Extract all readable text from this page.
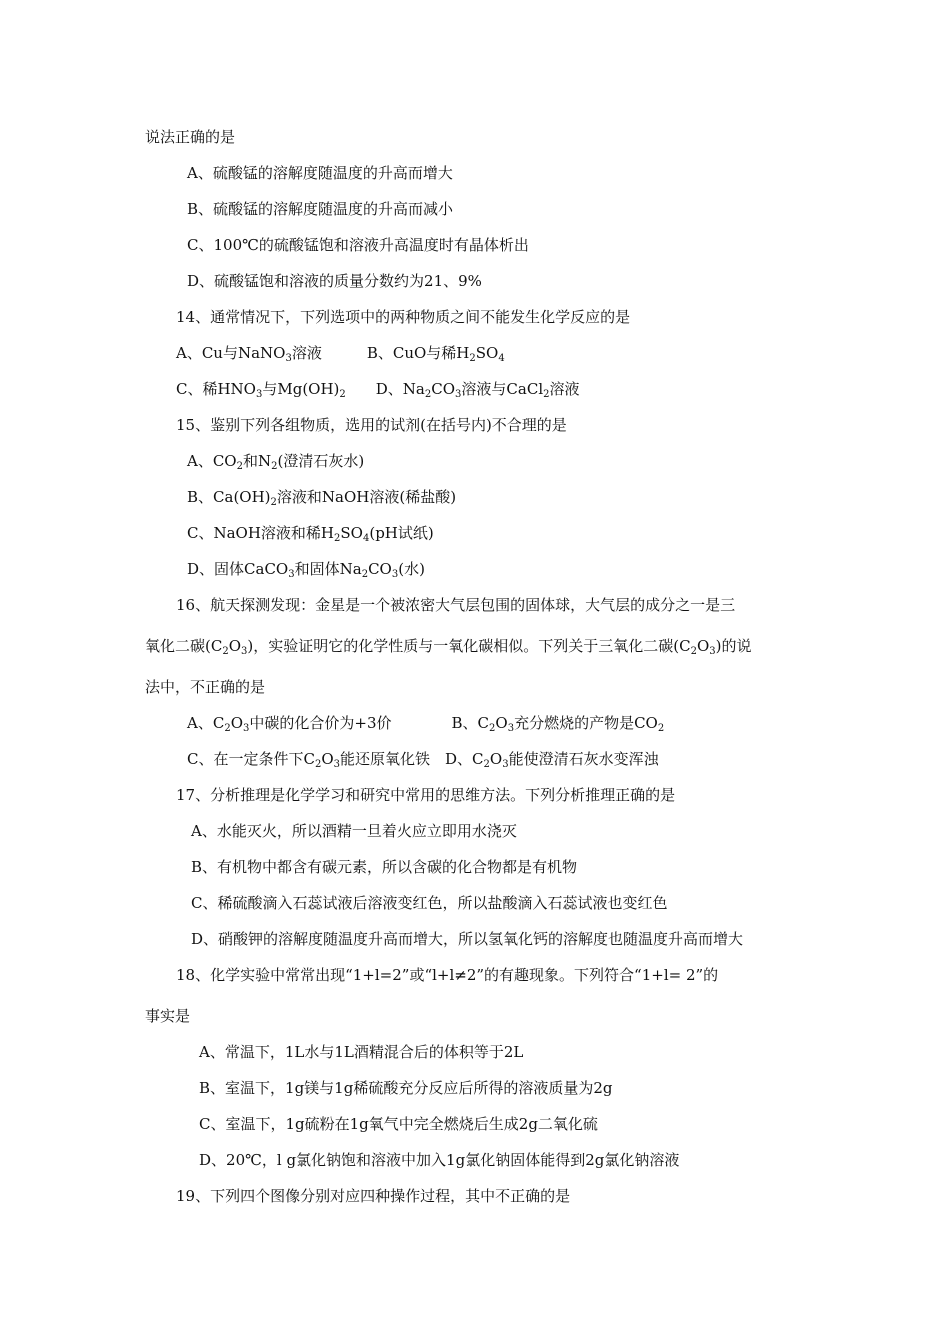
说法正确的是
A、硫酸锰的溶解度随温度的升高而增大
B、硫酸锰的溶解度随温度的升高而减小
C、100℃的硫酸锰饱和溶液升高温度时有晶体析出
D、硫酸锰饱和溶液的质量分数约为21、9%
14、通常情况下，下列选项中的两种物质之间不能发生化学反应的是
A、Cu与NaNO$_3$溶液　　　B、CuO与稀$H_2SO_4$
C、稀$HNO_3$与$Mg(OH)_2$　　D、$Na_2CO_3$溶液与CaCl$_2$溶液
15、鉴别下列各组物质，选用的试剂(在括号内)不合理的是
A、$CO_2$和$N_2$(澄清石灰水)
B、$Ca(OH)_2$溶液和NaOH溶液(稀盐酸)
C、NaOH溶液和稀$H_2SO_4(pH$试纸)
D、固体CaCO$_3$和固体$Na_2CO_3$(水)
16、航天探测发现：金星是一个被浓密大气层包围的固体球，大气层的成分之一是三
氧化二碳$(C_2O_3)$，实验证明它的化学性质与一氧化碳相似。下列关于三氧化二碳$(C_2O_3)$的说
法中，不正确的是
A、$C_2O_3$中碳的化合价为+3价　　　　B、$C_2O_3$充分燃烧的产物是$CO_2$
C、在一定条件下$C_2O_3$能还原氧化铁　D、$C_2O_3$能使澄清石灰水变浑浊
17、分析推理是化学学习和研究中常用的思维方法。下列分析推理正确的是
A、水能灭火，所以酒精一旦着火应立即用水浇灭
B、有机物中都含有碳元素，所以含碳的化合物都是有机物
C、稀硫酸滴入石蕊试液后溶液变红色，所以盐酸滴入石蕊试液也变红色
D、硝酸钾的溶解度随温度升高而增大，所以氢氧化钙的溶解度也随温度升高而增大
18、化学实验中常常出现“1+l=2”或“l+l≠2”的有趣现象。下列符合“1+l= 2”的
事实是
A、常温下，1L水与1L酒精混合后的体积等于2L
B、室温下，1g镁与1g稀硫酸充分反应后所得的溶液质量为2g
C、室温下，1g硫粉在1g氧气中完全燃烧后生成2g二氧化硫
D、20℃，l g氯化钠饱和溶液中加入1g氯化钠固体能得到2g氯化钠溶液
19、下列四个图像分别对应四种操作过程，其中不正确的是
